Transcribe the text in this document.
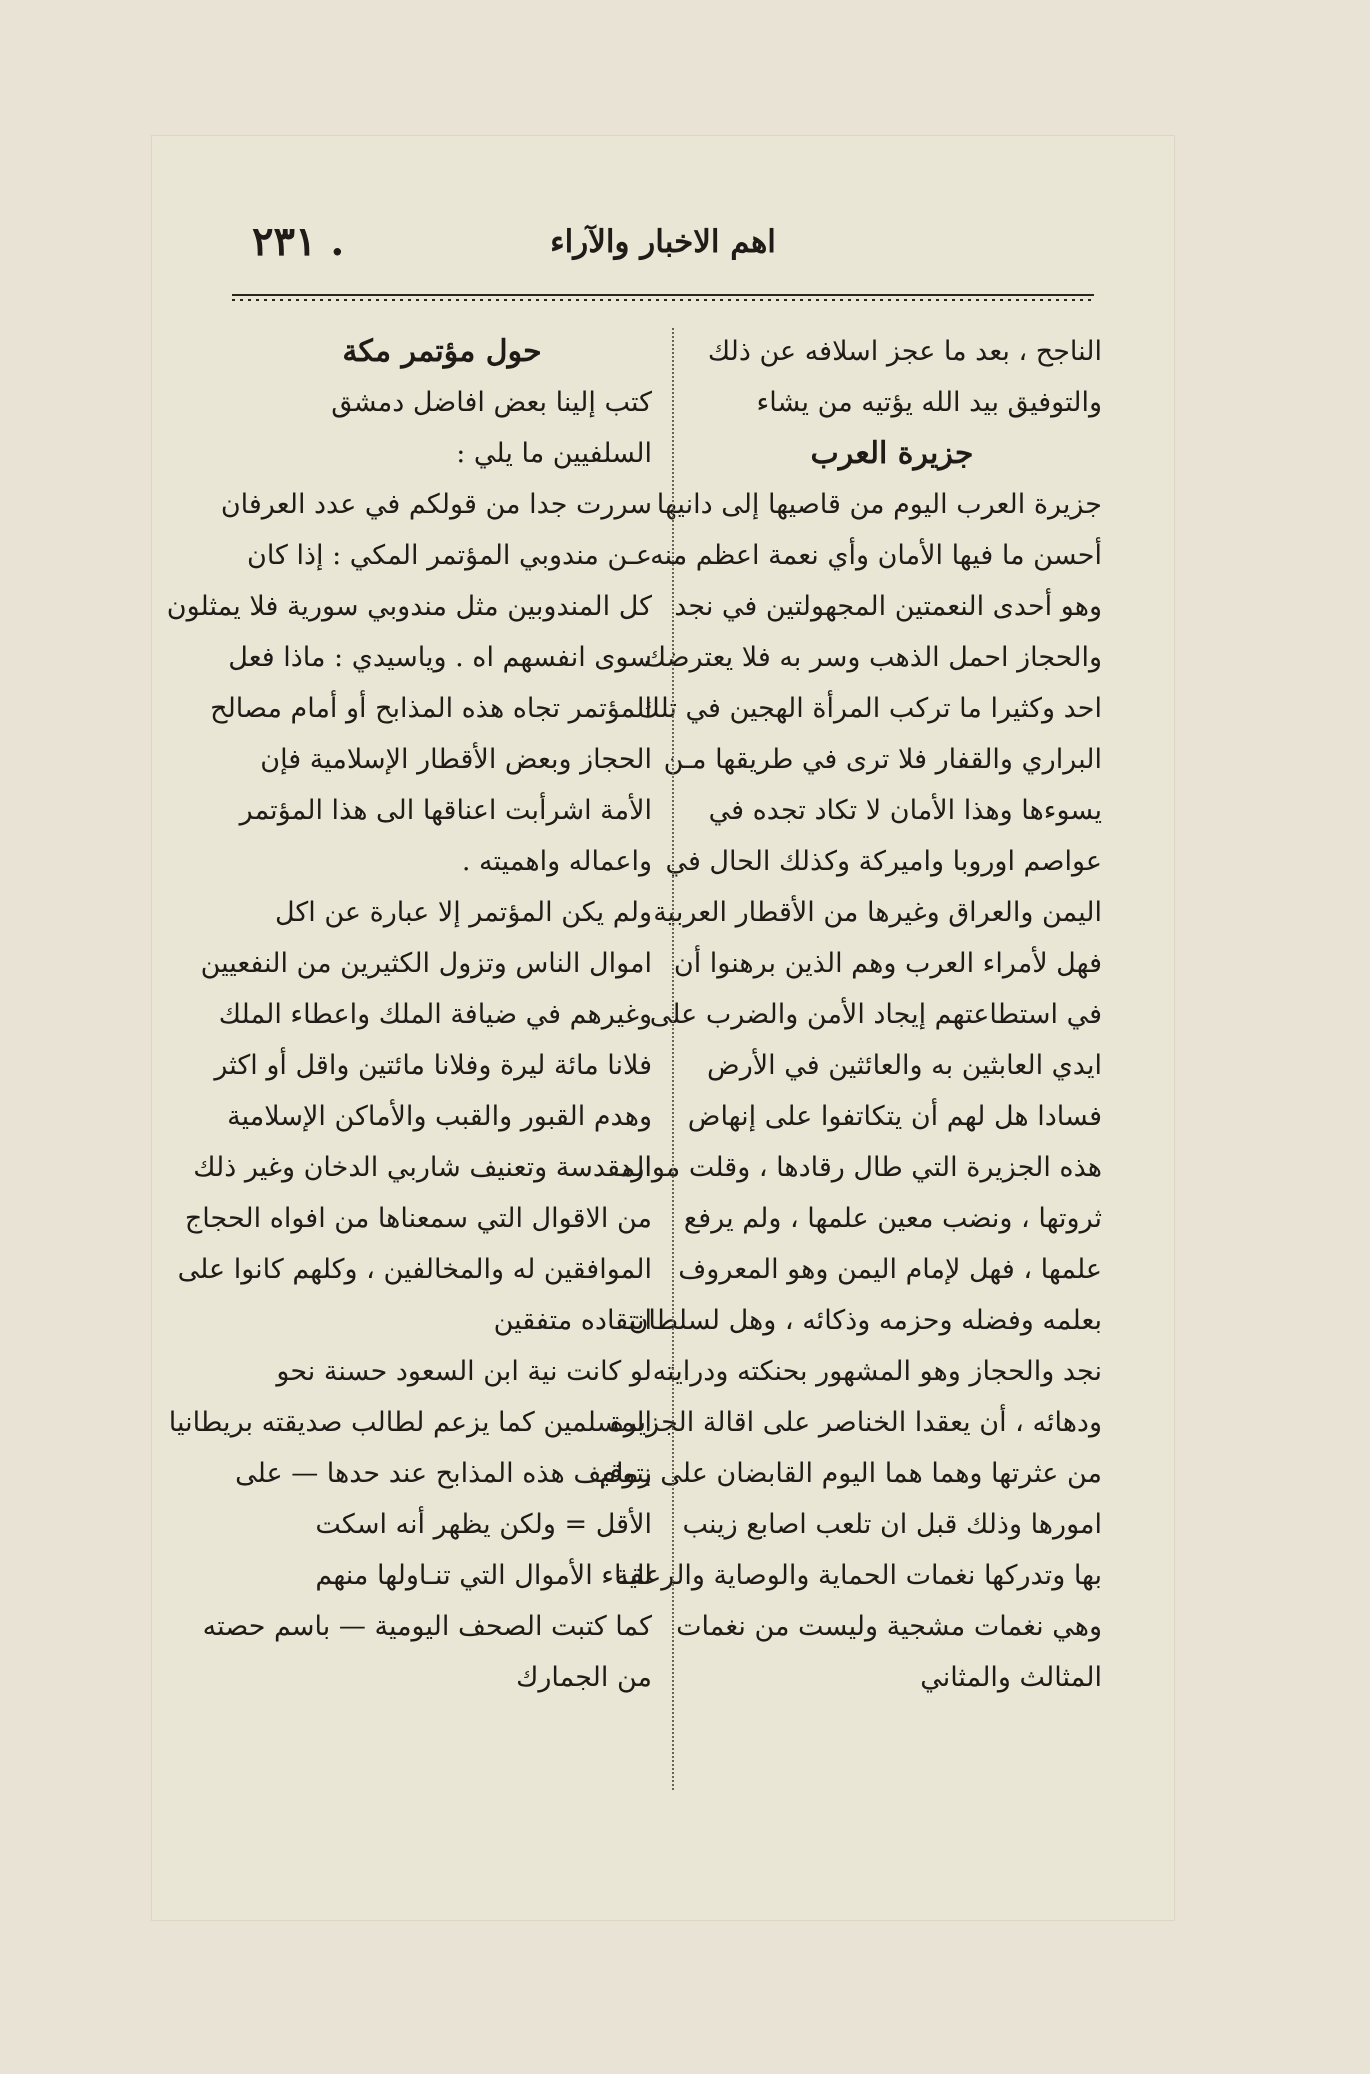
اهم الاخبار والآراء
٢٣١ .
الناجح ، بعد ما عجز اسلافه عن ذلك
والتوفيق بيد الله يؤتيه من يشاء
جزيرة العرب
جزيرة العرب اليوم من قاصيها إلى دانيها
أحسن ما فيها الأمان وأي نعمة اعظم منه
وهو أحدى النعمتين المجهولتين في نجد
والحجاز احمل الذهب وسر به فلا يعترضك
احد وكثيرا ما تركب المرأة الهجين في تلك
البراري والقفار فلا ترى في طريقها مـن
يسوءها وهذا الأمان لا تكاد تجده في
عواصم اوروبا واميركة وكذلك الحال في
اليمن والعراق وغيرها من الأقطار العربية
فهل لأمراء العرب وهم الذين برهنوا أن
في استطاعتهم إيجاد الأمن والضرب على
ايدي العابثين به والعائثين في الأرض
فسادا هل لهم أن يتكاتفوا على إنهاض
هذه الجزيرة التي طال رقادها ، وقلت موارد
ثروتها ، ونضب معين علمها ، ولم يرفع
علمها ، فهل لإمام اليمن وهو المعروف
بعلمه وفضله وحزمه وذكائه ، وهل لسلطان
نجد والحجاز وهو المشهور بحنكته ودرايته
ودهائه ، أن يعقدا الخناصر على اقالة الجزيرة
من عثرتها وهما هما اليوم القابضان على زمام
امورها وذلك قبل ان تلعب اصابع زينب
بها وتدركها نغمات الحماية والوصاية والرعاية
وهي نغمات مشجية وليست من نغمات
المثالث والمثاني
حول مؤتمر مكة
كتب إلينا بعض افاضل دمشق
السلفيين ما يلي :
سررت جدا من قولكم في عدد العرفان
عـن مندوبي المؤتمر المكي : إذا كان
كل المندوبين مثل مندوبي سورية فلا يمثلون
سوى انفسهم اه . وياسيدي : ماذا فعل
المؤتمر تجاه هذه المذابح أو أمام مصالح
الحجاز وبعض الأقطار الإسلامية فإن
الأمة اشرأبت اعناقها الى هذا المؤتمر
واعماله واهميته .
ولم يكن المؤتمر إلا عبارة عن اكل
اموال الناس وتزول الكثيرين من النفعيين
وغيرهم في ضيافة الملك واعطاء الملك
فلانا مائة ليرة وفلانا مائتين واقل أو اكثر
وهدم القبور والقبب والأماكن الإسلامية
المقدسة وتعنيف شاربي الدخان وغير ذلك
من الاقوال التي سمعناها من افواه الحجاج
الموافقين له والمخالفين ، وكلهم كانوا على
انتقاده متفقين
لو كانت نية ابن السعود حسنة نحو
المسلمين كما يزعم لطالب صديقته بريطانيا
بتوقيف هذه المذابح عند حدها — على
الأقل = ولكن يظهر أنه اسكت
لقـاء الأموال التي تنـاولها منهم
كما كتبت الصحف اليومية — باسم حصته
من الجمارك
